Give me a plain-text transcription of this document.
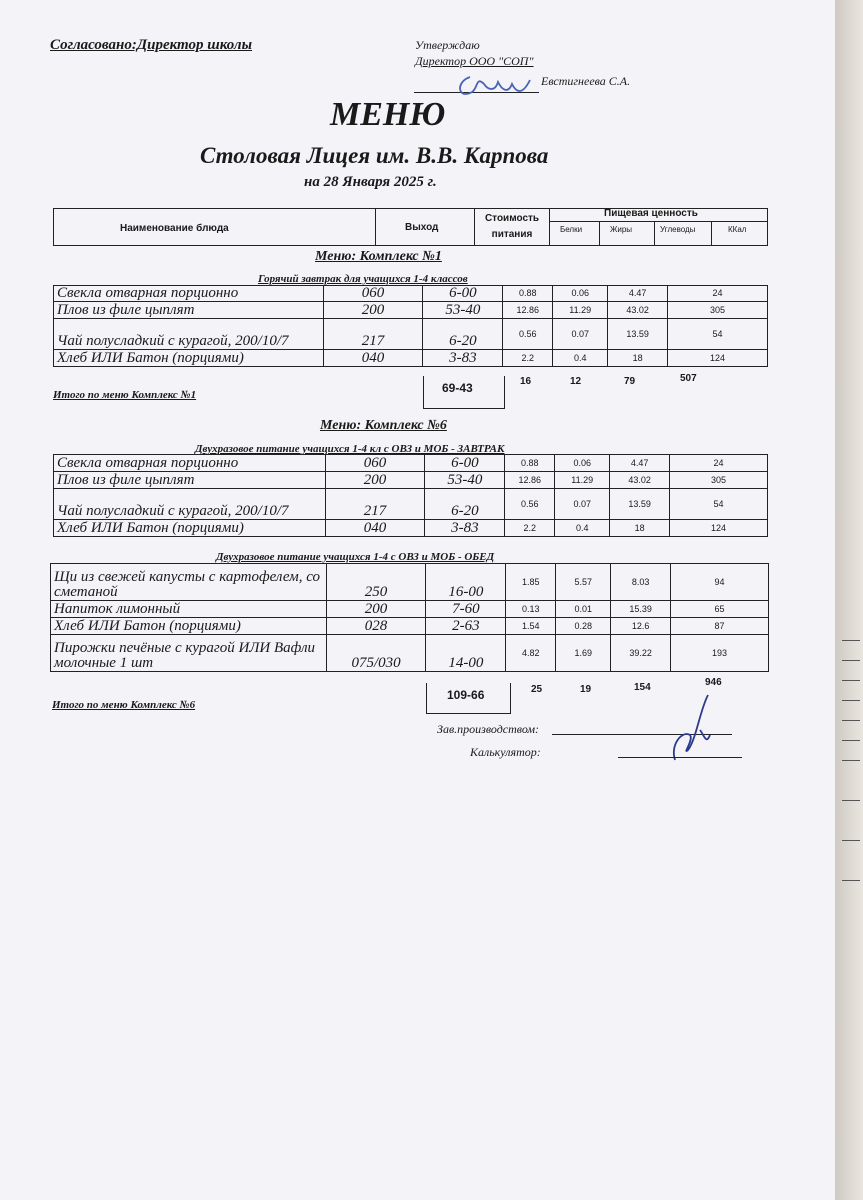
Согласовано:Директор школы	Утверждаю
Директор ООО "СОП"
Евстигнеева С.А.
МЕНЮ
Столовая Лицея им. В.В. Карпова
на 28 Января 2025 г.
Наименование блюда	Выход
Стоимость питания
Пищевая ценность
Белки	Жиры	Углеводы	ККал
Меню: Комплекс №1
Горячий завтрак для учащихся 1-4 классов
Свекла отварная порционно	060	6-00	0.88	0.06	4.47	24
Плов из филе цыплят	200	53-40	12.86	11.29	43.02	305
Чай полусладкий с курагой, 200/10/7	217	6-20	0.56	0.07	13.59	54
Хлеб ИЛИ Батон (порциями)	040	3-83	2.2	0.4	18	124
Итого по меню Комплекс №1	69-43	16	12	79	507
Меню: Комплекс №6
Двухразовое питание учащихся 1-4 кл с ОВЗ и МОБ - ЗАВТРАК
Свекла отварная порционно	060	6-00	0.88	0.06	4.47	24
Плов из филе цыплят	200	53-40	12.86	11.29	43.02	305
Чай полусладкий с курагой, 200/10/7	217	6-20	0.56	0.07	13.59	54
Хлеб ИЛИ Батон (порциями)	040	3-83	2.2	0.4	18	124
Двухразовое питание учащихся 1-4 с ОВЗ и МОБ - ОБЕД
Щи из свежей капусты с картофелем, со сметаной	250	16-00	1.85	5.57	8.03	94
Напиток лимонный	200	7-60	0.13	0.01	15.39	65
Хлеб ИЛИ Батон (порциями)	028	2-63	1.54	0.28	12.6	87
Пирожки печёные с курагой ИЛИ Вафли молочные 1 шт	075/030	14-00	4.82	1.69	39.22	193
Итого по меню Комплекс №6
109-66	25	19	154	946
Зав.производством:
Калькулятор:
